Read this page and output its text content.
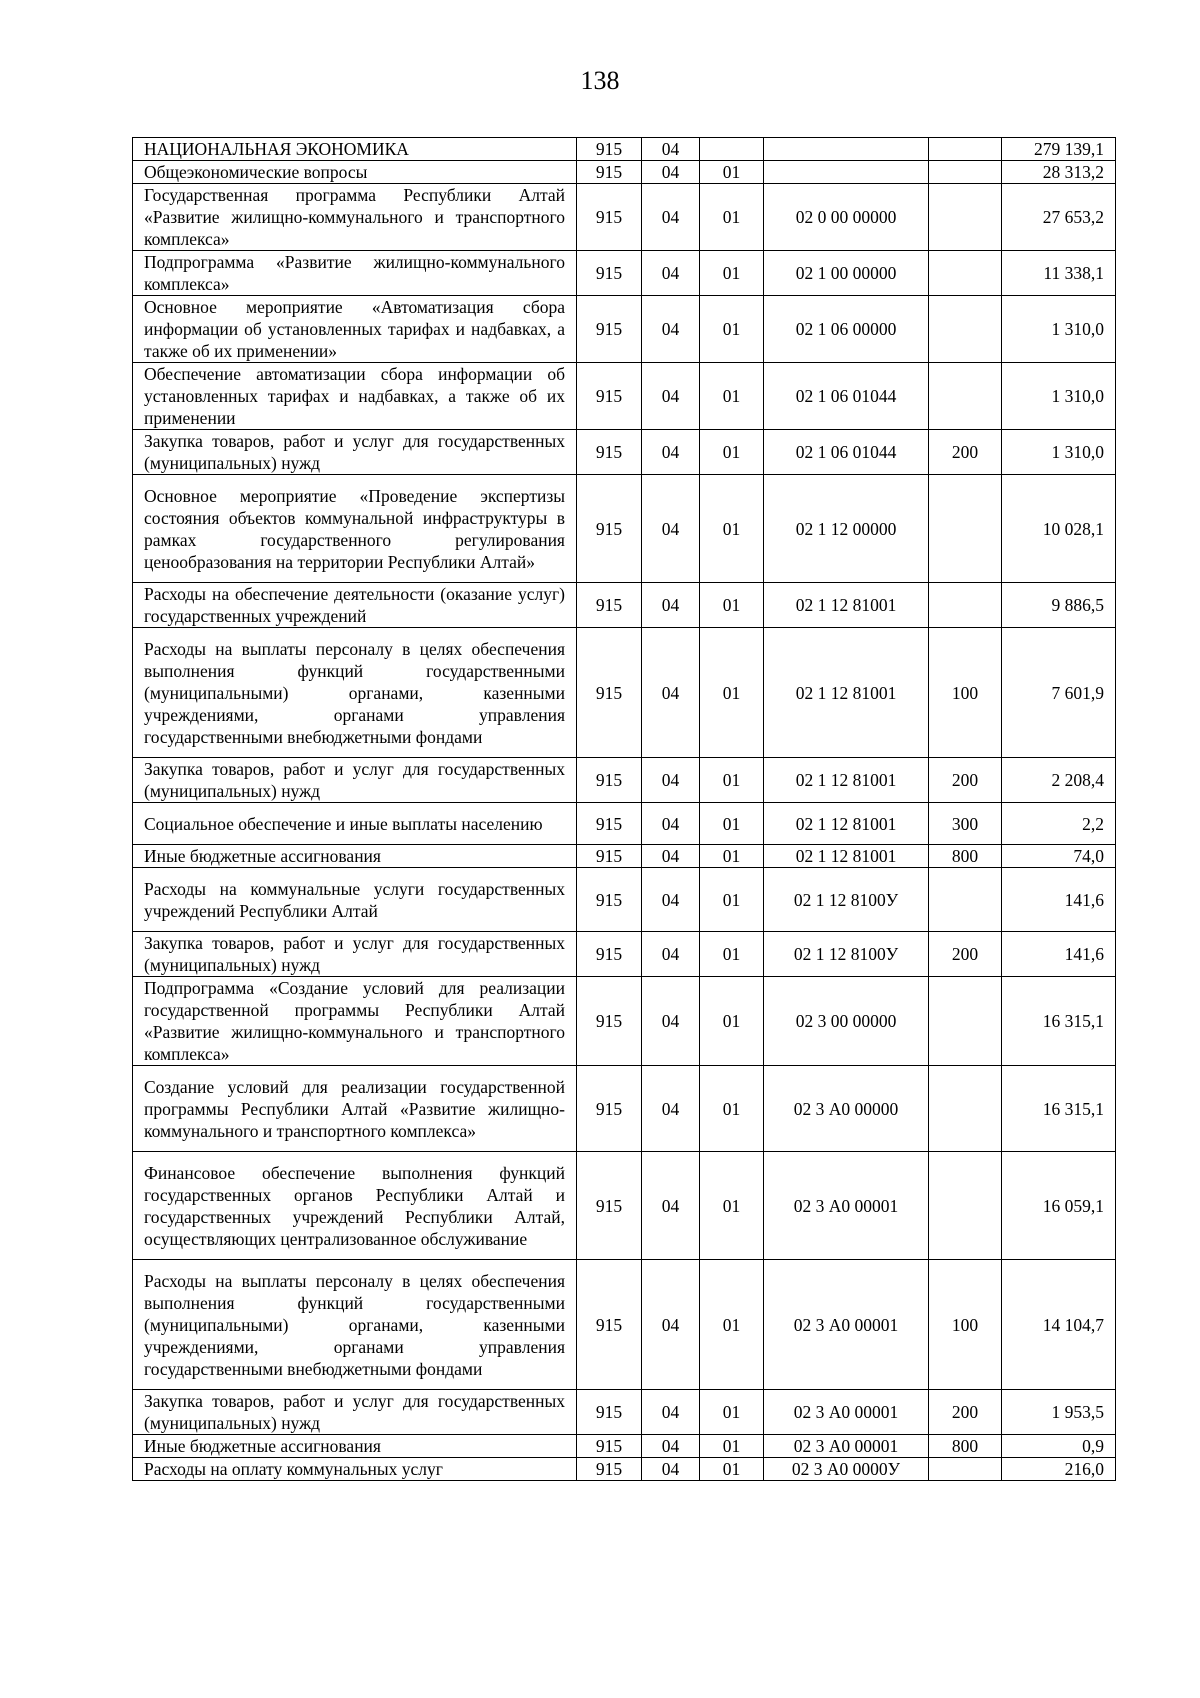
138
НАЦИОНАЛЬНАЯ ЭКОНОМИКА	915	04				279 139,1
Общеэкономические вопросы	915	04	01			28 313,2
Государственная программа Республики Алтай «Развитие жилищно-коммунального и транспортного комплекса»	915	04	01	02 0 00 00000		27 653,2
Подпрограмма «Развитие жилищно-коммунального комплекса»	915	04	01	02 1 00 00000		11 338,1
Основное мероприятие «Автоматизация сбора информации об установленных тарифах и надбавках, а также об их применении»	915	04	01	02 1 06 00000		1 310,0
Обеспечение автоматизации сбора информации об установленных тарифах и надбавках, а также об их применении	915	04	01	02 1 06 01044		1 310,0
Закупка товаров, работ и услуг для государственных (муниципальных) нужд	915	04	01	02 1 06 01044	200	1 310,0
Основное мероприятие «Проведение экспертизы состояния объектов коммунальной инфраструктуры в рамках государственного регулирования ценообразования на территории Республики Алтай»	915	04	01	02 1 12 00000		10 028,1
Расходы на обеспечение деятельности (оказание услуг) государственных учреждений	915	04	01	02 1 12 81001		9 886,5
Расходы на выплаты персоналу в целях обеспечения выполнения функций государственными (муниципальными) органами, казенными учреждениями, органами управления государственными внебюджетными фондами	915	04	01	02 1 12 81001	100	7 601,9
Закупка товаров, работ и услуг для государственных (муниципальных) нужд	915	04	01	02 1 12 81001	200	2 208,4
Социальное обеспечение и иные выплаты населению	915	04	01	02 1 12 81001	300	2,2
Иные бюджетные ассигнования	915	04	01	02 1 12 81001	800	74,0
Расходы на коммунальные услуги государственных учреждений Республики Алтай	915	04	01	02 1 12 8100У		141,6
Закупка товаров, работ и услуг для государственных (муниципальных) нужд	915	04	01	02 1 12 8100У	200	141,6
Подпрограмма «Создание условий для реализации государственной программы Республики Алтай «Развитие жилищно-коммунального и транспортного комплекса»	915	04	01	02 3 00 00000		16 315,1
Создание условий для реализации государственной программы Республики Алтай «Развитие жилищно-коммунального и транспортного комплекса»	915	04	01	02 3 А0 00000		16 315,1
Финансовое обеспечение выполнения функций государственных органов Республики Алтай и государственных учреждений Республики Алтай, осуществляющих централизованное обслуживание	915	04	01	02 3 А0 00001		16 059,1
Расходы на выплаты персоналу в целях обеспечения выполнения функций государственными (муниципальными) органами, казенными учреждениями, органами управления государственными внебюджетными фондами	915	04	01	02 3 А0 00001	100	14 104,7
Закупка товаров, работ и услуг для государственных (муниципальных) нужд	915	04	01	02 3 А0 00001	200	1 953,5
Иные бюджетные ассигнования	915	04	01	02 3 А0 00001	800	0,9
Расходы на оплату коммунальных услуг	915	04	01	02 3 А0 0000У		216,0
